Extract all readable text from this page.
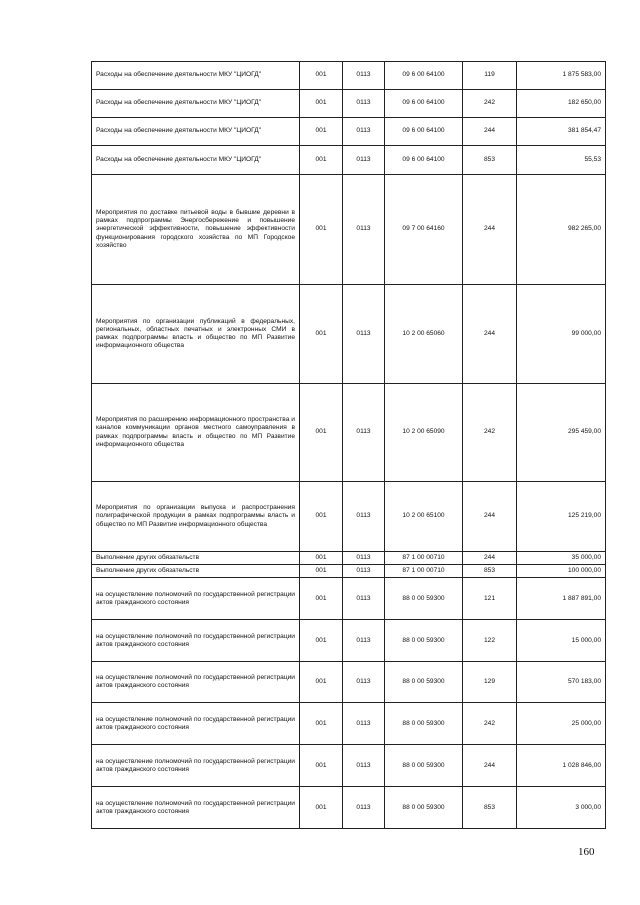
Расходы на обеспечение деятельности МКУ "ЦИОГД"	001	0113	09 6 00 64100	119	1 875 583,00
Расходы на обеспечение деятельности МКУ "ЦИОГД"	001	0113	09 6 00 64100	242	182 650,00
Расходы на обеспечение деятельности МКУ "ЦИОГД"	001	0113	09 6 00 64100	244	381 854,47
Расходы на обеспечение деятельности МКУ "ЦИОГД"	001	0113	09 6 00 64100	853	55,53
Мероприятия по доставке питьевой воды в бывшие деревни в рамках подпрограммы Энергосбережение и повышение энергетической эффективности, повышение эффективности функционирования городского хозяйства по МП Городское хозяйство	001	0113	09 7 00 64160	244	982 265,00
Мероприятия по организации публикаций в федеральных, региональных, областных печатных и электронных СМИ в рамках подпрограммы власть и общество по МП Развитие информационного общества	001	0113	10 2 00 65060	244	99 000,00
Мероприятия по расширению информационного пространства и каналов коммуникации органов местного самоуправления в рамках подпрограммы власть и общество по МП Развитие информационного общества	001	0113	10 2 00 65090	242	295 459,00
Мероприятия по организации выпуска и распространения полиграфической продукции в рамках подпрограммы власть и общество по МП Развитие информационного общества	001	0113	10 2 00 65100	244	125 219,00
Выполнение других обязательств	001	0113	87 1 00 00710	244	35 000,00
Выполнение других обязательств	001	0113	87 1 00 00710	853	100 000,00
на осуществление полномочий по государственной регистрации актов гражданского состояния	001	0113	88 0 00 59300	121	1 887 891,00
на осуществление полномочий по государственной регистрации актов гражданского состояния	001	0113	88 0 00 59300	122	15 000,00
на осуществление полномочий по государственной регистрации актов гражданского состояния	001	0113	88 0 00 59300	129	570 183,00
на осуществление полномочий по государственной регистрации актов гражданского состояния	001	0113	88 0 00 59300	242	25 000,00
на осуществление полномочий по государственной регистрации актов гражданского состояния	001	0113	88 0 00 59300	244	1 028 846,00
на осуществление полномочий по государственной регистрации актов гражданского состояния	001	0113	88 0 00 59300	853	3 000,00
160
